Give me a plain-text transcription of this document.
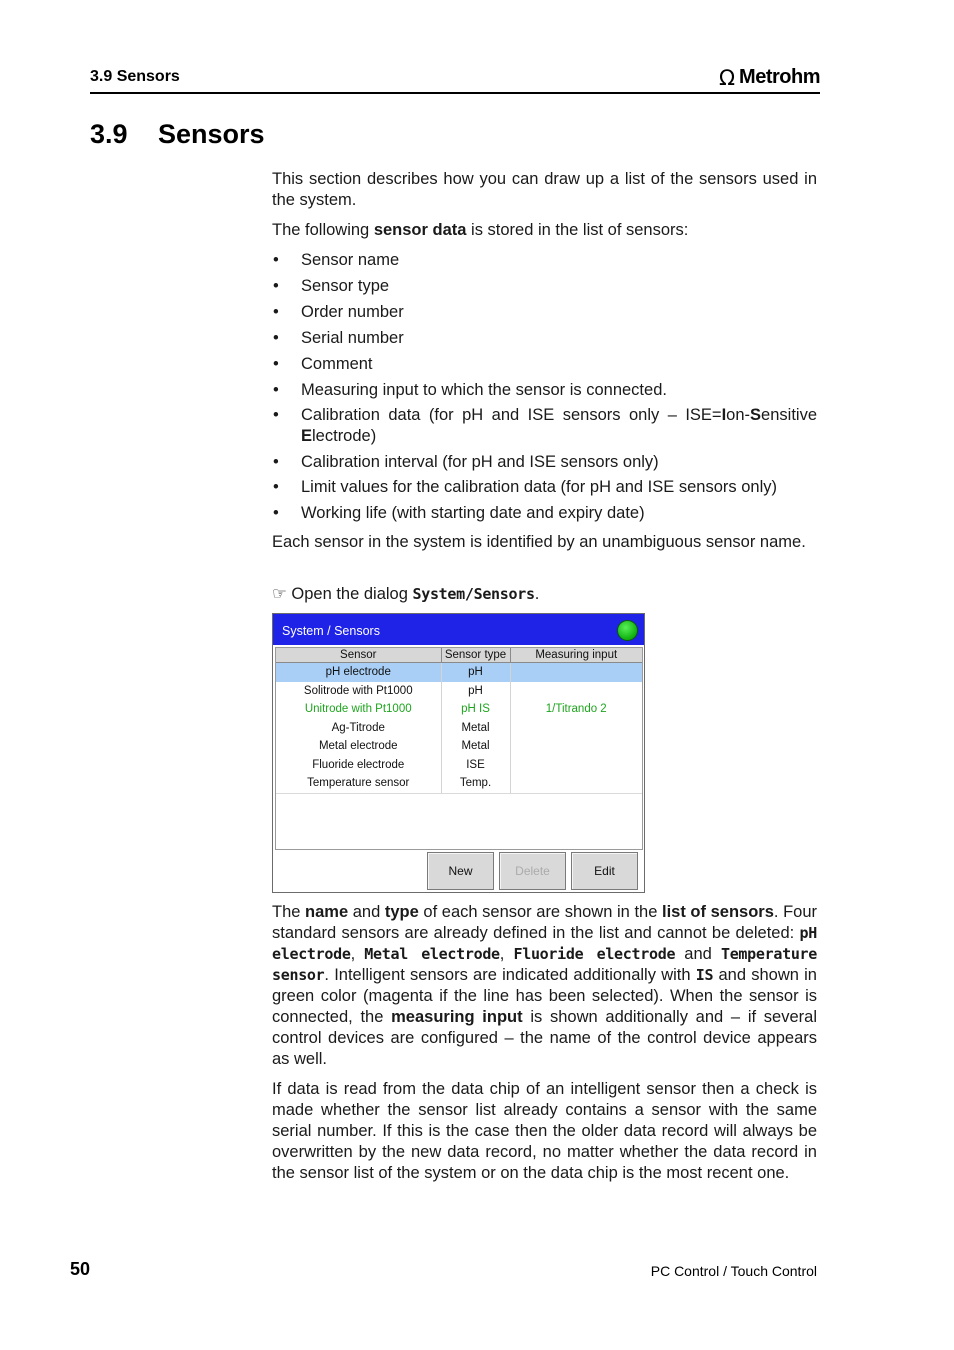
3.9 Sensors	Ω Metrohm
3.9 Sensors
This section describes how you can draw up a list of the sensors used in the system.
The following sensor data is stored in the list of sensors:
• Sensor name
• Sensor type
• Order number
• Serial number
• Comment
• Measuring input to which the sensor is connected.
• Calibration data (for pH and ISE sensors only – ISE=Ion-Sensitive Electrode)
• Calibration interval (for pH and ISE sensors only)
• Limit values for the calibration data (for pH and ISE sensors only)
• Working life (with starting date and expiry date)
Each sensor in the system is identified by an unambiguous sensor name.
☞ Open the dialog System/Sensors.
System / Sensors
Sensor	Sensor type	Measuring input
pH electrode	pH	
Solitrode with Pt1000	pH	
Unitrode with Pt1000	pH IS	1/Titrando 2
Ag-Titrode	Metal	
Metal electrode	Metal	
Fluoride electrode	ISE	
Temperature sensor	Temp.	
New	Delete	Edit
The name and type of each sensor are shown in the list of sensors. Four standard sensors are already defined in the list and cannot be deleted: pH electrode, Metal electrode, Fluoride electrode and Temperature sensor. Intelligent sensors are indicated additionally with IS and shown in green color (magenta if the line has been selected). When the sensor is connected, the measuring input is shown additionally and – if several control devices are configured – the name of the control device appears as well.
If data is read from the data chip of an intelligent sensor then a check is made whether the sensor list already contains a sensor with the same serial number. If this is the case then the older data record will always be overwritten by the new data record, no matter whether the data record in the sensor list of the system or on the data chip is the most recent one.
50	PC Control / Touch Control
